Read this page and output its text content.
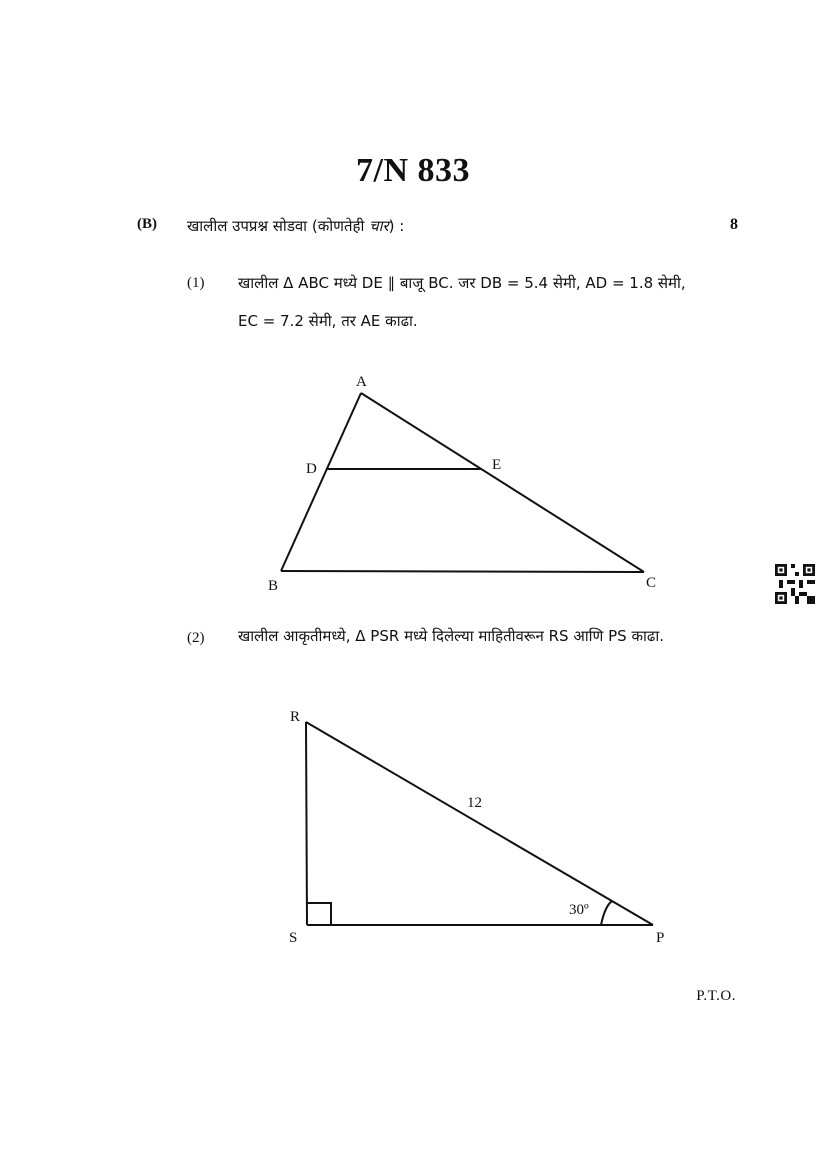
7/N 833
(B) खालील उपप्रश्न सोडवा (कोणतेही चार) :	8
(1) खालील Δ ABC मध्ये DE ∥ बाजू BC. जर DB = 5.4 सेमी, AD = 1.8 सेमी,
EC = 7.2 सेमी, तर AE काढा.
A
B	C
D	E
R
S	P
12
30º
(2) खालील आकृतीमध्ये, Δ PSR मध्ये दिलेल्या माहितीवरून RS आणि PS काढा.
P.T.O.
